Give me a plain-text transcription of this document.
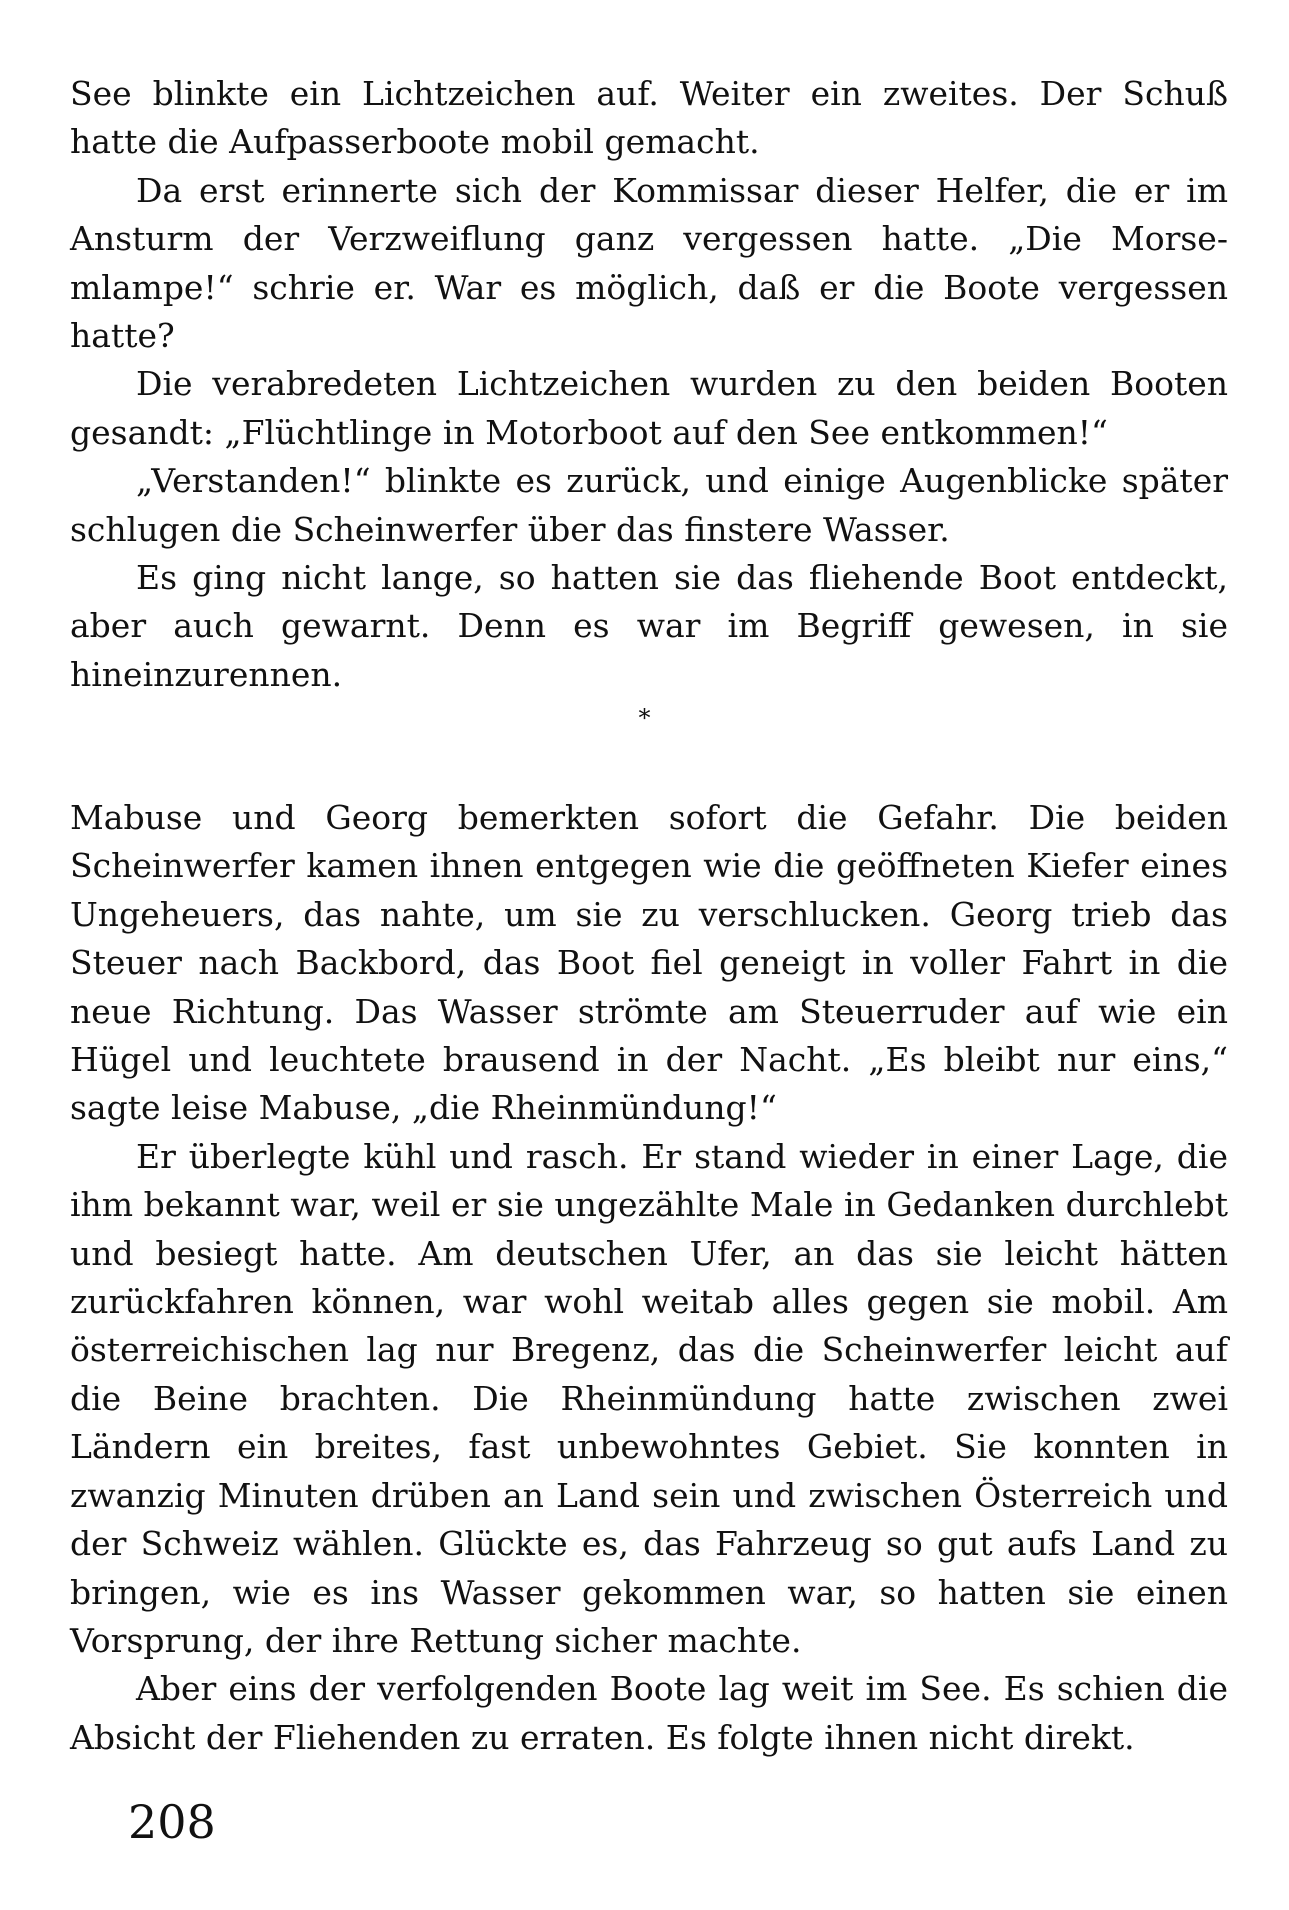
See blinkte ein Lichtzeichen auf. Weiter ein zweites. Der Schuß hatte die Aufpasserboote mobil gemacht.

Da erst erinnerte sich der Kommissar dieser Helfer, die er im Ansturm der Verzweiflung ganz vergessen hatte. „Die Morsemlampe!“ schrie er. War es möglich, daß er die Boote vergessen hatte?

Die verabredeten Lichtzeichen wurden zu den beiden Booten gesandt: „Flüchtlinge in Motorboot auf den See entkommen!“

„Verstanden!“ blinkte es zurück, und einige Augenblicke später schlugen die Scheinwerfer über das finstere Wasser.

Es ging nicht lange, so hatten sie das fliehende Boot entdeckt, aber auch gewarnt. Denn es war im Begriff gewesen, in sie hineinzurennen.

*

Mabuse und Georg bemerkten sofort die Gefahr. Die beiden Scheinwerfer kamen ihnen entgegen wie die geöffneten Kiefer eines Ungeheuers, das nahte, um sie zu verschlucken. Georg trieb das Steuer nach Backbord, das Boot fiel geneigt in voller Fahrt in die neue Richtung. Das Wasser strömte am Steuerruder auf wie ein Hügel und leuchtete brausend in der Nacht. „Es bleibt nur eins,“ sagte leise Mabuse, „die Rheinmündung!“

Er überlegte kühl und rasch. Er stand wieder in einer Lage, die ihm bekannt war, weil er sie ungezählte Male in Gedanken durchlebt und besiegt hatte. Am deutschen Ufer, an das sie leicht hätten zurückfahren können, war wohl weitab alles gegen sie mobil. Am österreichischen lag nur Bregenz, das die Scheinwerfer leicht auf die Beine brachten. Die Rheinmündung hatte zwischen zwei Ländern ein breites, fast unbewohntes Gebiet. Sie konnten in zwanzig Minuten drüben an Land sein und zwischen Österreich und der Schweiz wählen. Glückte es, das Fahrzeug so gut aufs Land zu bringen, wie es ins Wasser gekommen war, so hatten sie einen Vorsprung, der ihre Rettung sicher machte.

Aber eins der verfolgenden Boote lag weit im See. Es schien die Absicht der Fliehenden zu erraten. Es folgte ihnen nicht direkt.

208
